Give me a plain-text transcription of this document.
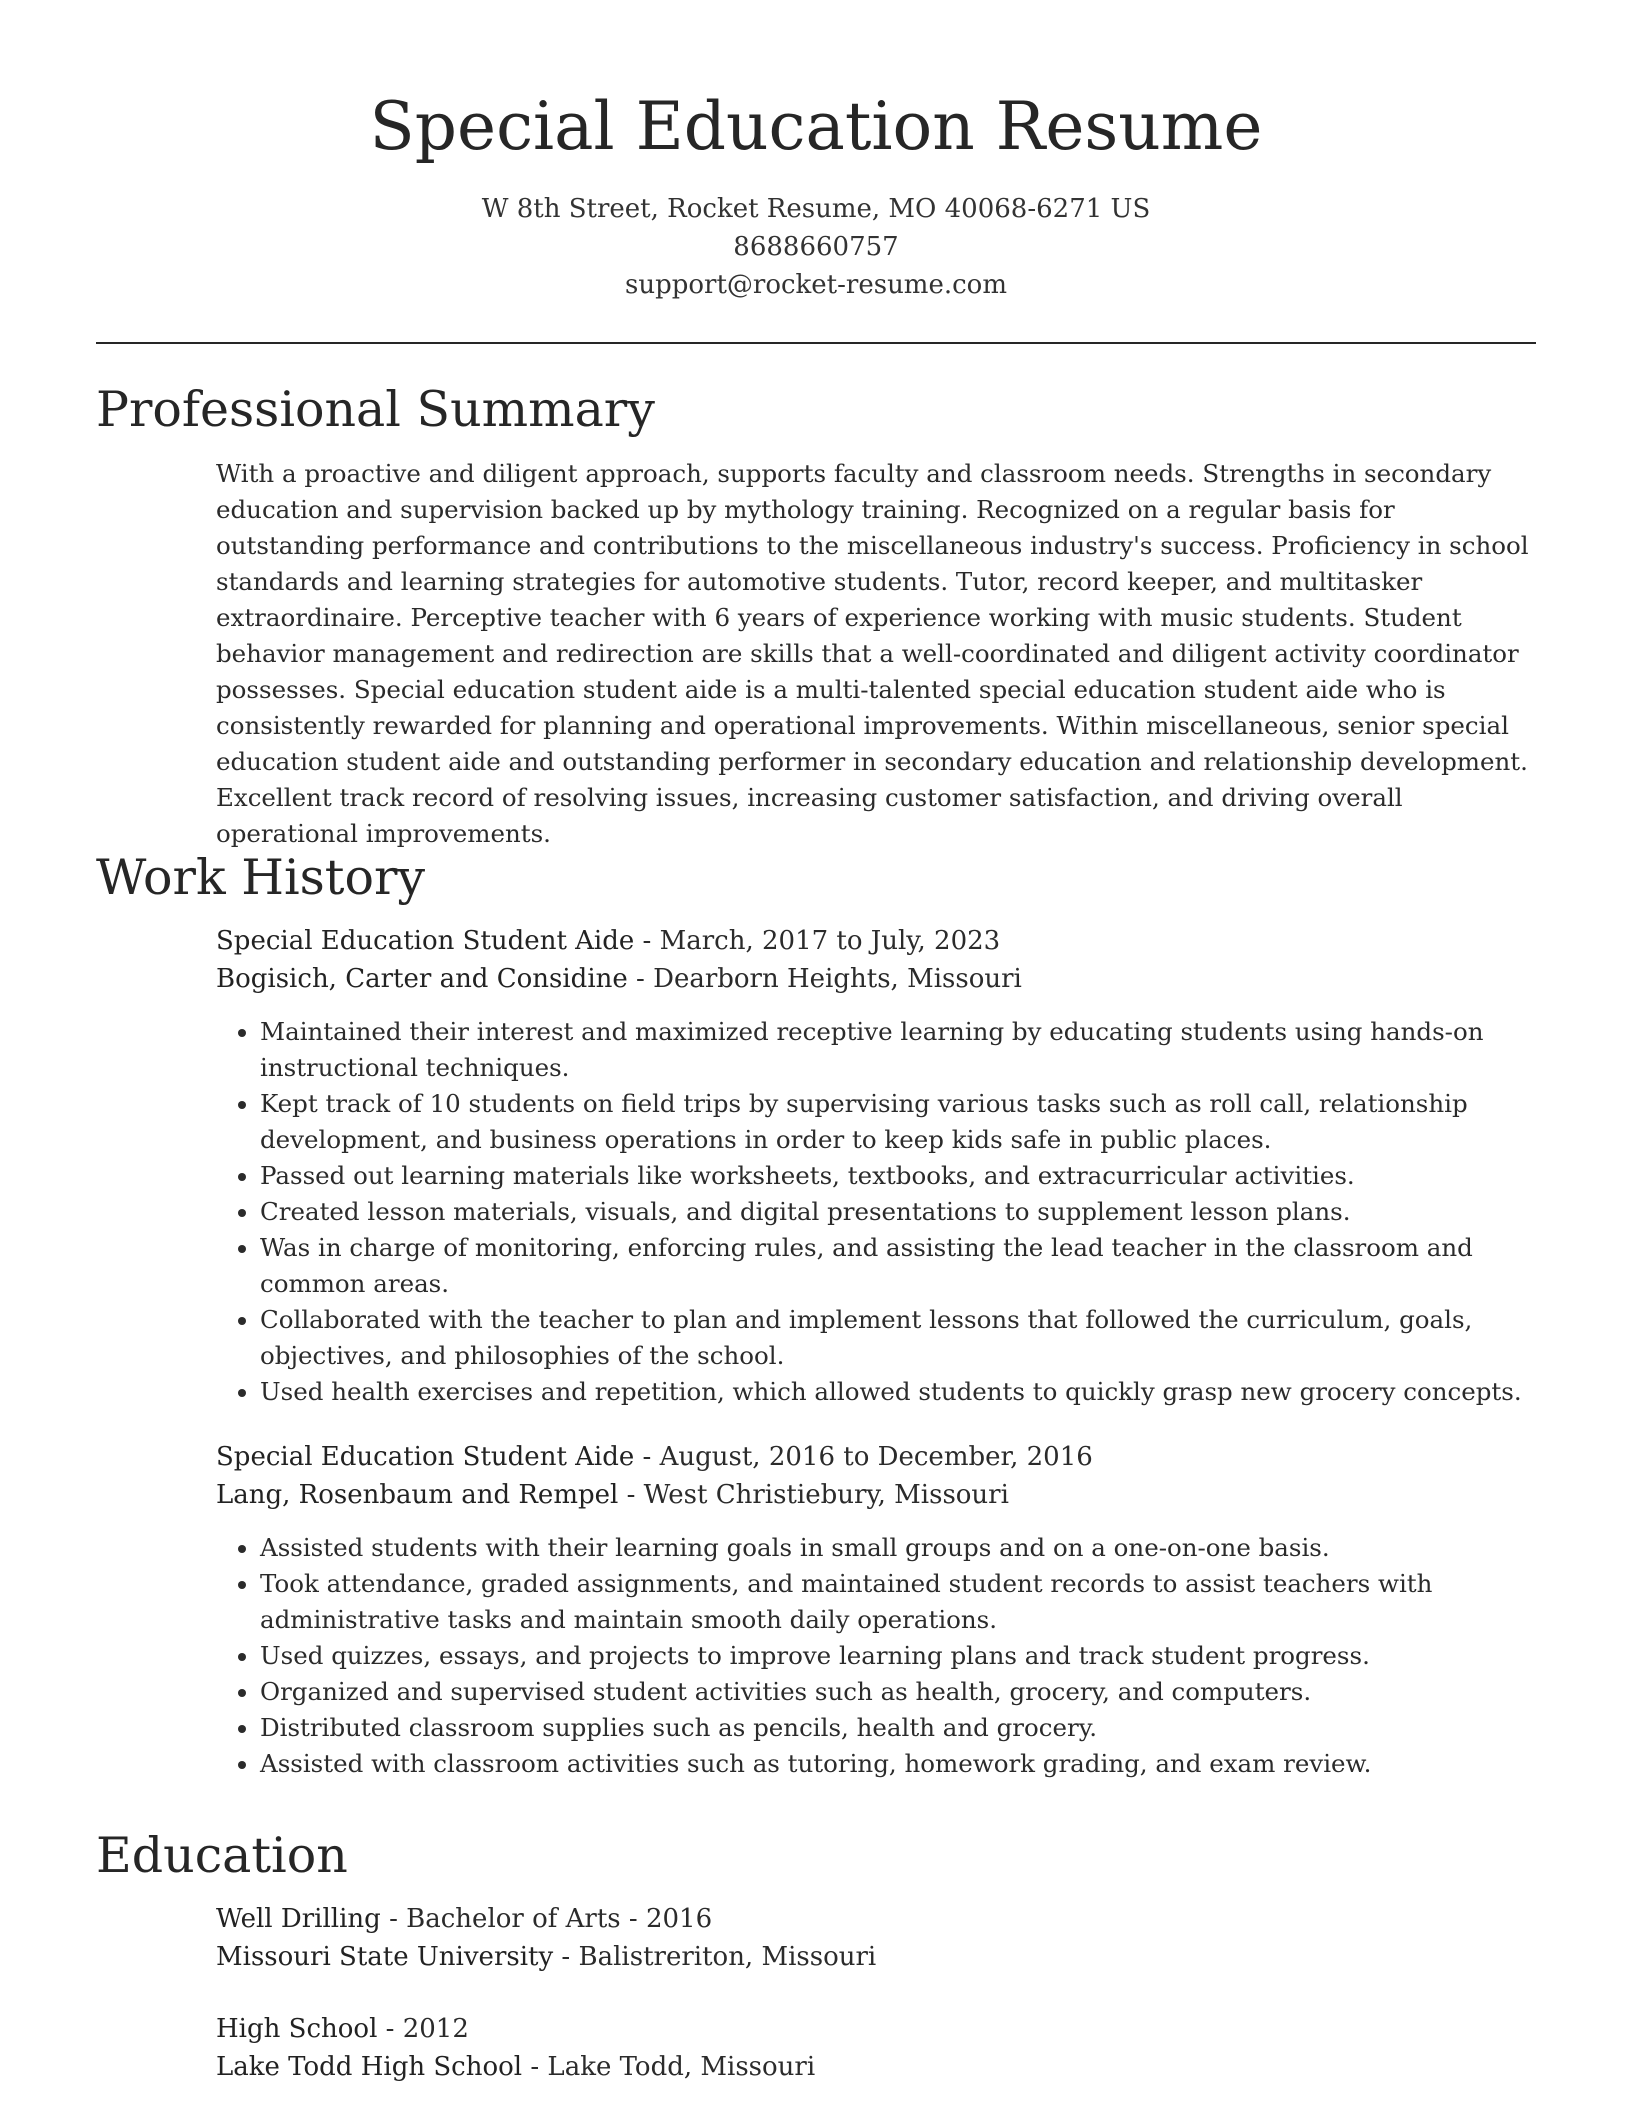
Special Education Resume
W 8th Street, Rocket Resume, MO 40068-6271 US
8688660757
support@rocket-resume.com
Professional Summary

With a proactive and diligent approach, supports faculty and classroom needs. Strengths in secondary education and supervision backed up by mythology training. Recognized on a regular basis for outstanding performance and contributions to the miscellaneous industry's success. Proficiency in school standards and learning strategies for automotive students. Tutor, record keeper, and multitasker extraordinaire. Perceptive teacher with 6 years of experience working with music students. Student behavior management and redirection are skills that a well-coordinated and diligent activity coordinator possesses. Special education student aide is a multi-talented special education student aide who is consistently rewarded for planning and operational improvements. Within miscellaneous, senior special education student aide and outstanding performer in secondary education and relationship development. Excellent track record of resolving issues, increasing customer satisfaction, and driving overall operational improvements.

Work History
Special Education Student Aide - March, 2017 to July, 2023
Bogisich, Carter and Considine - Dearborn Heights, Missouri
• Maintained their interest and maximized receptive learning by educating students using hands-on instructional techniques.
• Kept track of 10 students on field trips by supervising various tasks such as roll call, relationship development, and business operations in order to keep kids safe in public places.
• Passed out learning materials like worksheets, textbooks, and extracurricular activities.
• Created lesson materials, visuals, and digital presentations to supplement lesson plans.
• Was in charge of monitoring, enforcing rules, and assisting the lead teacher in the classroom and common areas.
• Collaborated with the teacher to plan and implement lessons that followed the curriculum, goals, objectives, and philosophies of the school.
• Used health exercises and repetition, which allowed students to quickly grasp new grocery concepts.
Special Education Student Aide - August, 2016 to December, 2016
Lang, Rosenbaum and Rempel - West Christiebury, Missouri
• Assisted students with their learning goals in small groups and on a one-on-one basis.
• Took attendance, graded assignments, and maintained student records to assist teachers with administrative tasks and maintain smooth daily operations.
• Used quizzes, essays, and projects to improve learning plans and track student progress.
• Organized and supervised student activities such as health, grocery, and computers.
• Distributed classroom supplies such as pencils, health and grocery.
• Assisted with classroom activities such as tutoring, homework grading, and exam review.
Education
Well Drilling - Bachelor of Arts - 2016
Missouri State University - Balistreriton, Missouri
High School - 2012
Lake Todd High School - Lake Todd, Missouri
